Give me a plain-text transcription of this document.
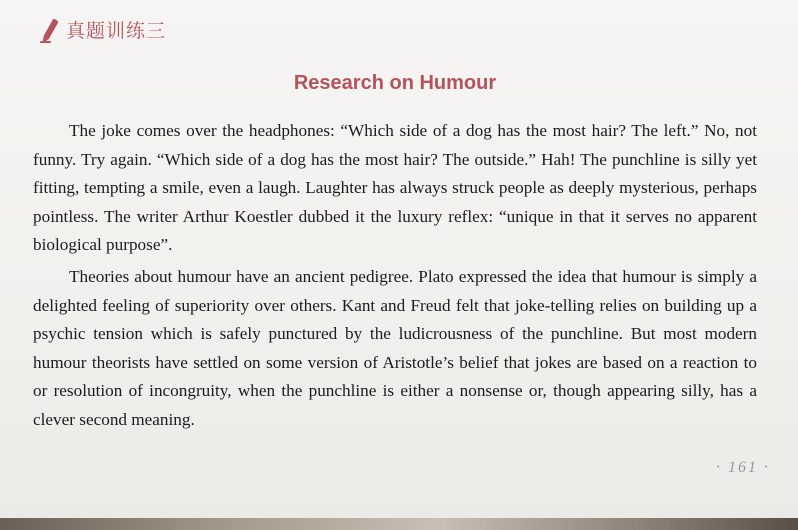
真题训练三
Research on Humour

The joke comes over the headphones: “Which side of a dog has the most hair? The left.” No, not funny. Try again. “Which side of a dog has the most hair? The outside.” Hah! The punchline is silly yet fitting, tempting a smile, even a laugh. Laughter has always struck people as deeply mysterious, perhaps pointless. The writer Arthur Koestler dubbed it the luxury reflex: “unique in that it serves no apparent biological purpose”.

Theories about humour have an ancient pedigree. Plato expressed the idea that humour is simply a delighted feeling of superiority over others. Kant and Freud felt that joke-telling relies on building up a psychic tension which is safely punctured by the ludicrousness of the punchline. But most modern humour theorists have settled on some version of Aristotle’s belief that jokes are based on a reaction to or resolution of incongruity, when the punchline is either a nonsense or, though appearing silly, has a clever second meaning.

· 161 ·
